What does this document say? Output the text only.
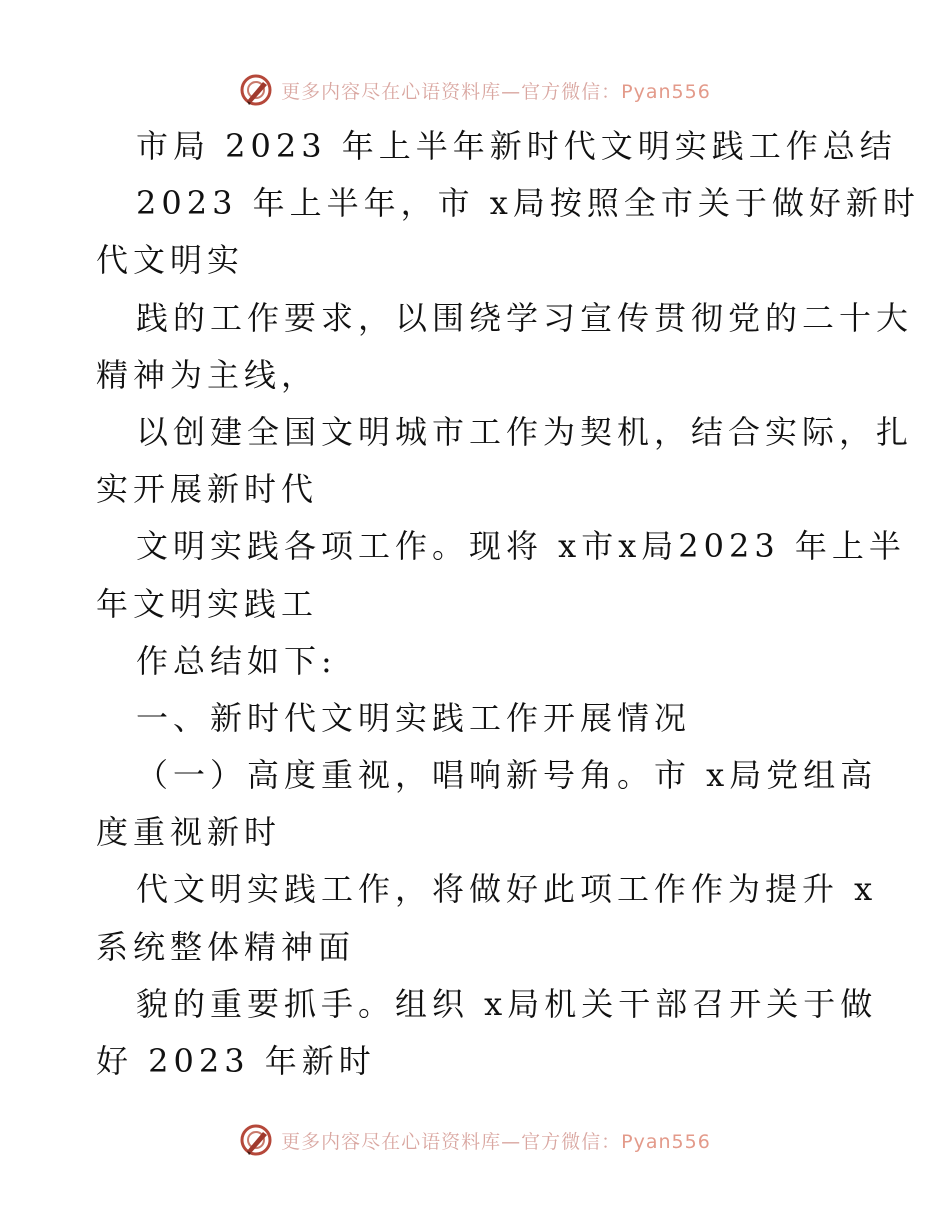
更多内容尽在心语资料库—官方微信：Pyan556
市局 2023 年上半年新时代文明实践工作总结
2023 年上半年，市 x局按照全市关于做好新时
代文明实
践的工作要求，以围绕学习宣传贯彻党的二十大
精神为主线，
以创建全国文明城市工作为契机，结合实际，扎
实开展新时代
文明实践各项工作。现将 x市x局2023 年上半
年文明实践工
作总结如下:
一、新时代文明实践工作开展情况
（一）高度重视，唱响新号角。市 x局党组高
度重视新时
代文明实践工作，将做好此项工作作为提升 x
系统整体精神面
貌的重要抓手。组织 x局机关干部召开关于做
好 2023 年新时
更多内容尽在心语资料库—官方微信：Pyan556
